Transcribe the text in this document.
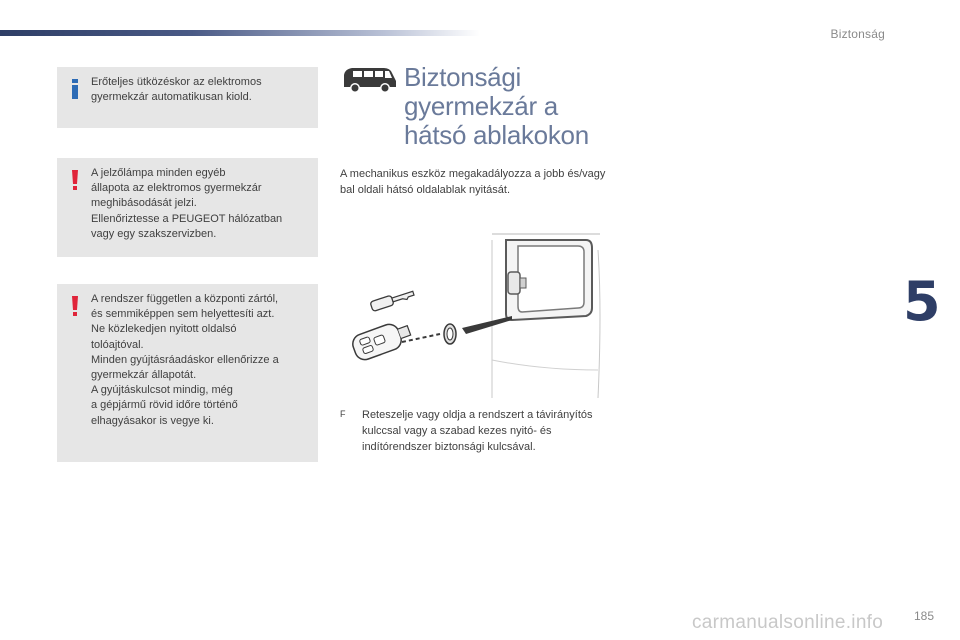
Biztonság
5
Erőteljes ütközéskor az elektromos
gyermekzár automatikusan kiold.
A jelzőlámpa minden egyéb
állapota az elektromos gyermekzár
meghibásodását jelzi.
Ellenőriztesse a PEUGEOT hálózatban
vagy egy szakszervizben.
A rendszer független a központi zártól,
és semmiképpen sem helyettesíti azt.
Ne közlekedjen nyitott oldalsó
tolóajtóval.
Minden gyújtásráadáskor ellenőrizze a
gyermekzár állapotát.
A gyújtáskulcsot mindig, még
a gépjármű rövid időre történő
elhagyásakor is vegye ki.
Biztonsági
gyermekzár a
hátsó ablakokon
A mechanikus eszköz megakadályozza a jobb és/vagy bal oldali hátsó oldalablak nyitását.
F Reteszelje vagy oldja a rendszert a távirányítós kulccsal vagy a szabad kezes nyitó- és indítórendszer biztonsági kulcsával.
carmanualsonline.info	185
